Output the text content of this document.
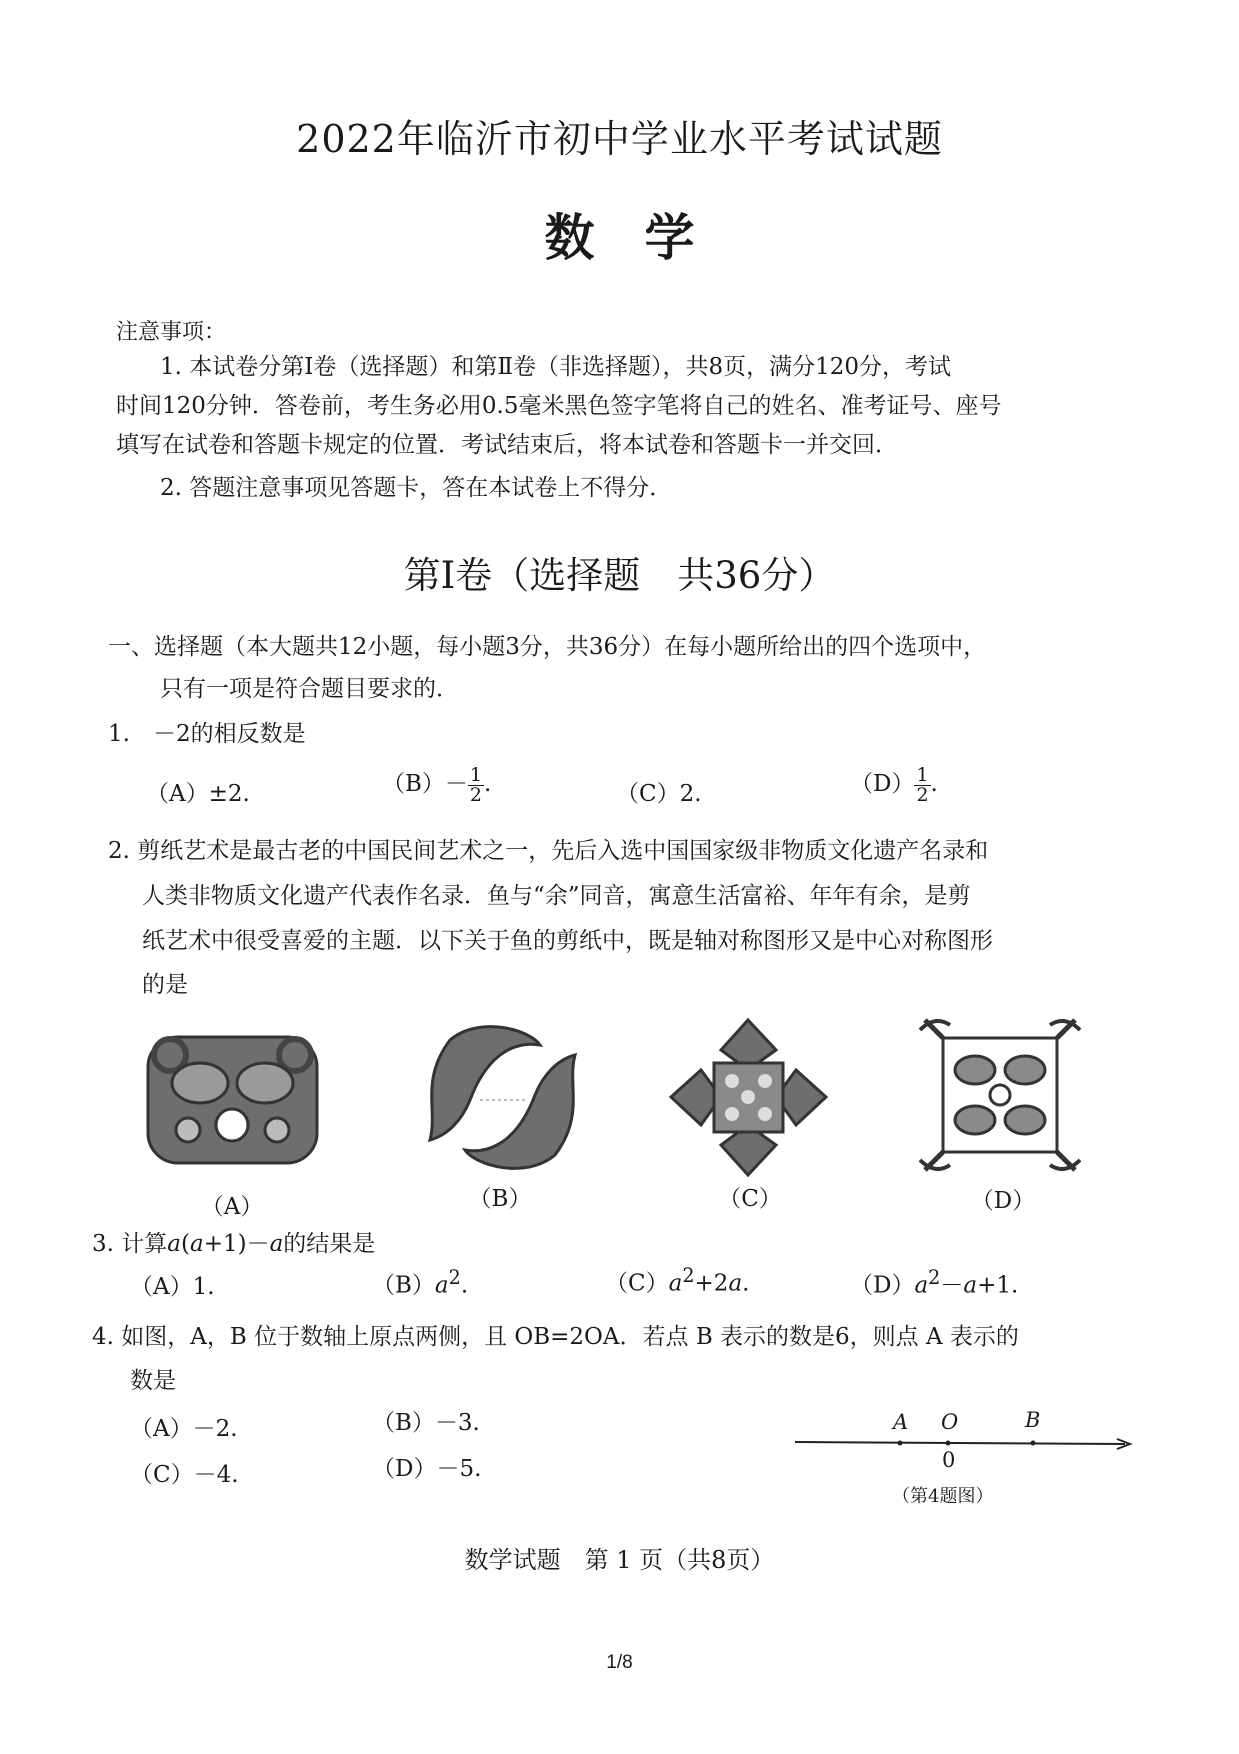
2022年临沂市初中学业水平考试试题
数学
注意事项：
1. 本试卷分第Ⅰ卷（选择题）和第Ⅱ卷（非选择题），共8页，满分120分，考试
时间120分钟．答卷前，考生务必用0.5毫米黑色签字笔将自己的姓名、准考证号、座号
填写在试卷和答题卡规定的位置．考试结束后，将本试卷和答题卡一并交回．
2. 答题注意事项见答题卡，答在本试卷上不得分．
第Ⅰ卷（选择题　共36分）
一、选择题（本大题共12小题，每小题3分，共36分）在每小题所给出的四个选项中，
只有一项是符合题目要求的．
1.　－2的相反数是
（A）±2.	$(B)- \frac{1}{2}$ .	（C）2.	$(D) \frac{1}{2}$ .
2. 剪纸艺术是最古老的中国民间艺术之一，先后入选中国国家级非物质文化遗产名录和
人类非物质文化遗产代表作名录．鱼与“余”同音，寓意生活富裕、年年有余，是剪
纸艺术中很受喜爱的主题．以下关于鱼的剪纸中，既是轴对称图形又是中心对称图形
的是
（A）	（B）	（C）	（D）
3. 计算a(a+1)－a的结果是
（A）1.	$(B)a^2$.	$(C)a^2+2a$.	$(D)a^2-a+1$.
4. 如图，A，B 位于数轴上原点两侧，且 OB=2OA．若点 B 表示的数是6，则点 A 表示的
数是
（A）－2.	（B）－3.
（C）－4.	（D）－5.
A O	B
0
（第4题图）
数学试题　第 1 页（共8页）
1/8
